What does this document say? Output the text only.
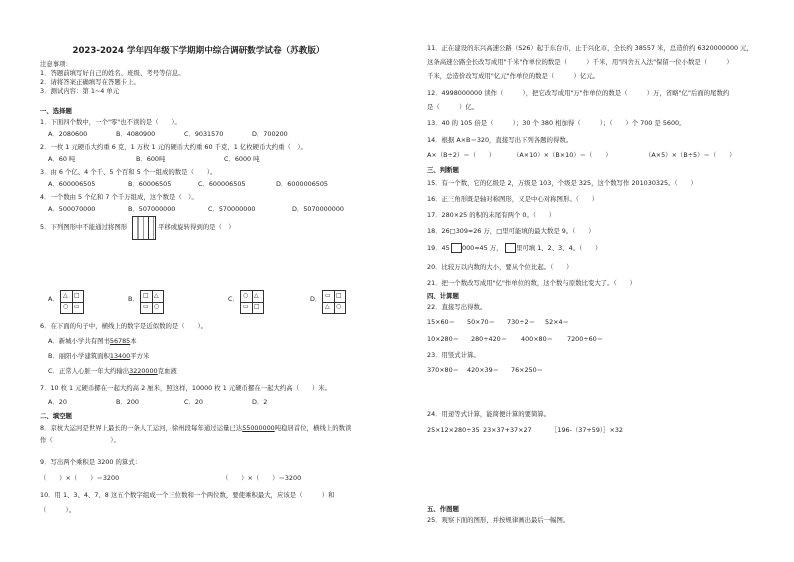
2023-2024 学年四年级下学期期中综合调研数学试卷（苏教版）
注意事项：
1．答题前填写好自己的姓名、班级、考号等信息。
2．请将答案正确填写在答题卡上。
3．测试内容：第 1~4 单元
一、选择题
1．下面四个数中，一个"零"也不读的是（　　）。
A．2080600	B．4080900	C．9031570	D．700200
2．一枚 1 元硬币大约重 6 克，1 万枚 1 元的硬币大约重 60 千克，1 亿枚硬币大约重（　）。
A．60 吨	B．600吨	C．6000 吨
3．由 6 个亿、4 个千、5 个百和 5 个一组成的数是（　　）。
A．600006505	B．60006505	C．600006505	D．6000006505
4．一个数由 5 个亿和 7 个千万组成，这个数是（　）。
A．500070000	B．507000000	C．570000000	D．5070000000
5．下列图形中不能通过将图形	平移或旋转得到的是（　）
A．	B．	C．	D．
△ □
○ ▭
□ △
▭ ○
○ △
▭ □
▭ □
△ ○
6．在下面的句子中，横线上的数字是近似数的是（　　）。
A．新城小学共有图书56785本
B．丽阳小学建筑面积13400平方米
C．正常人心脏一年大约输出3220000克血液
7．10 枚 1 元硬币摞在一起大约高 2 厘米，照这样，10000 枚 1 元硬币摞在一起大约高（　　）米。
A．20	B．200	C．20	D．2
二、填空题
8．京杭大运河是世界上最长的一条人工运河，徐州段每年通过运量已达55000000吨稳居首位，横线上的数读
作（　　　　　　　　　）。
9．写出两个乘积是 3200 的算式：
（　　）×（　　）＝3200	（　　）×（　　）＝3200
10．用 1、3、4、7、8 这五个数字组成一个三位数和一个两位数，要使乘积最大，应该是（　　　）和
（　　　）。
11．正在建设的东兴高速公路（S26）起于东台市，止于兴化市，全长约 38557 米，总造价约 6320000000 元，
这条高速公路全长改写成用"千米"作单位的数是（　　　）千米，用"四舍五入法"保留一位小数是（　　　）
千米，总造价改写成用"亿元"作单位的数是（　　　）亿元。
12．4998000000 读作（　　　），把它改写成用"万"作单位的数是（　　　）万，省略"亿"后面的尾数约
是（　　　）亿。
13．40 的 105 倍是（　　　）；30 个 380 相加得（　　　）；（　　）个 700 是 5600。
14．根据 A×B＝320，直接写出下列各题的得数。
A×（B÷2）＝（　　）	（A×10）×（B×10）＝（　　）	（A×5）×（B÷5）＝（　　）
三、判断题
15．有一个数，它的亿级是 2，万级是 103，个级是 325，这个数写作 201030325。（　　）
16．正三角形既是轴对称图形，又是中心对称图形。（　　）
17．280×25 的积的末尾有两个 0。（　　）
18．26□309≈26 万，□里可能填的最大数是 9。（　　）
19．45 000≈45 万， 里可填 1、2、3、4。（　　）
20．比较万以内数的大小，要从个位比起。（　　）
21．把一个数改写成用"亿"作单位的数，这个数与原数比变大了。（　　）
四、计算题
22．直接写出得数。
15×60＝ 50×70＝ 730÷2＝ 52×4＝
10×280＝ 280÷420＝ 400×80＝ 7200÷60＝
23．用竖式计算。
370×80＝ 420×39＝ 76×250＝
24．用递等式计算，能简便计算的要简算。
25×12×280÷35 23×37+37×27	［196-（37+59）］×32
五、作图题
25．观察下面的图形，并按规律画出最后一幅图。
